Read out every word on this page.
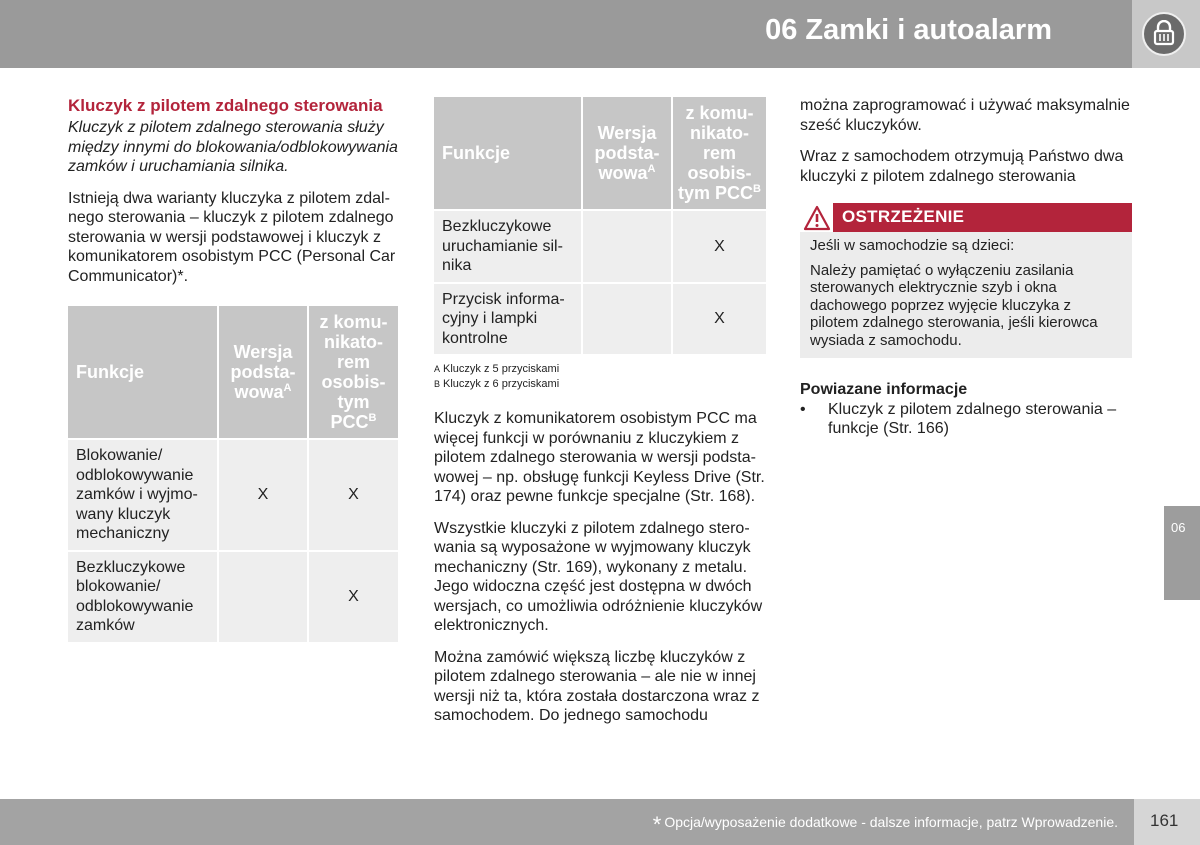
06 Zamki i autoalarm
Kluczyk z pilotem zdalnego sterowania

Kluczyk z pilotem zdalnego sterowania służy między innymi do blokowania/odblokowywania zamków i uruchamiania silnika.

Istnieją dwa warianty kluczyka z pilotem zdalnego sterowania – kluczyk z pilotem zdalnego sterowania w wersji podstawowej i kluczyk z komunikatorem osobistym PCC (Personal Car Communicator)*.

Funkcje	Wersja podstawowa$^A$	z komunikatorem osobistym $PCC^B$
Blokowanie/ odblokowywanie zamków i wyjmowany kluczyk mechaniczny	X	X
Bezkluczykowe blokowanie/ odblokowywanie zamków		X
Funkcje	Wersja podstawowa$^A$	z komunikatorem osobistym $PCC^B$
Bezkluczykowe uruchamianie silnika		X
Przycisk informacyjny i lampki kontrolne		X
A Kluczyk z 5 przyciskami
B Kluczyk z 6 przyciskami

Kluczyk z komunikatorem osobistym PCC ma więcej funkcji w porównaniu z kluczykiem z pilotem zdalnego sterowania w wersji podstawowej – np. obsługę funkcji Keyless Drive (Str. 174) oraz pewne funkcje specjalne (Str. 168).

Wszystkie kluczyki z pilotem zdalnego sterowania są wyposażone w wyjmowany kluczyk mechaniczny (Str. 169), wykonany z metalu. Jego widoczna część jest dostępna w dwóch wersjach, co umożliwia odróżnienie kluczyków elektronicznych.

Można zamówić większą liczbę kluczyków z pilotem zdalnego sterowania – ale nie w innej wersji niż ta, która została dostarczona wraz z samochodem. Do jednego samochodu

można zaprogramować i używać maksymalnie sześć kluczyków.

Wraz z samochodem otrzymują Państwo dwa kluczyki z pilotem zdalnego sterowania

OSTRZEŻENIE

Jeśli w samochodzie są dzieci:

Należy pamiętać o wyłączeniu zasilania sterowanych elektrycznie szyb i okna dachowego poprzez wyjęcie kluczyka z pilotem zdalnego sterowania, jeśli kierowca wysiada z samochodu.

Powiazane informacje
• Kluczyk z pilotem zdalnego sterowania – funkcje (Str. 166)
06
* Opcja/wyposażenie dodatkowe - dalsze informacje, patrz Wprowadzenie. 161
